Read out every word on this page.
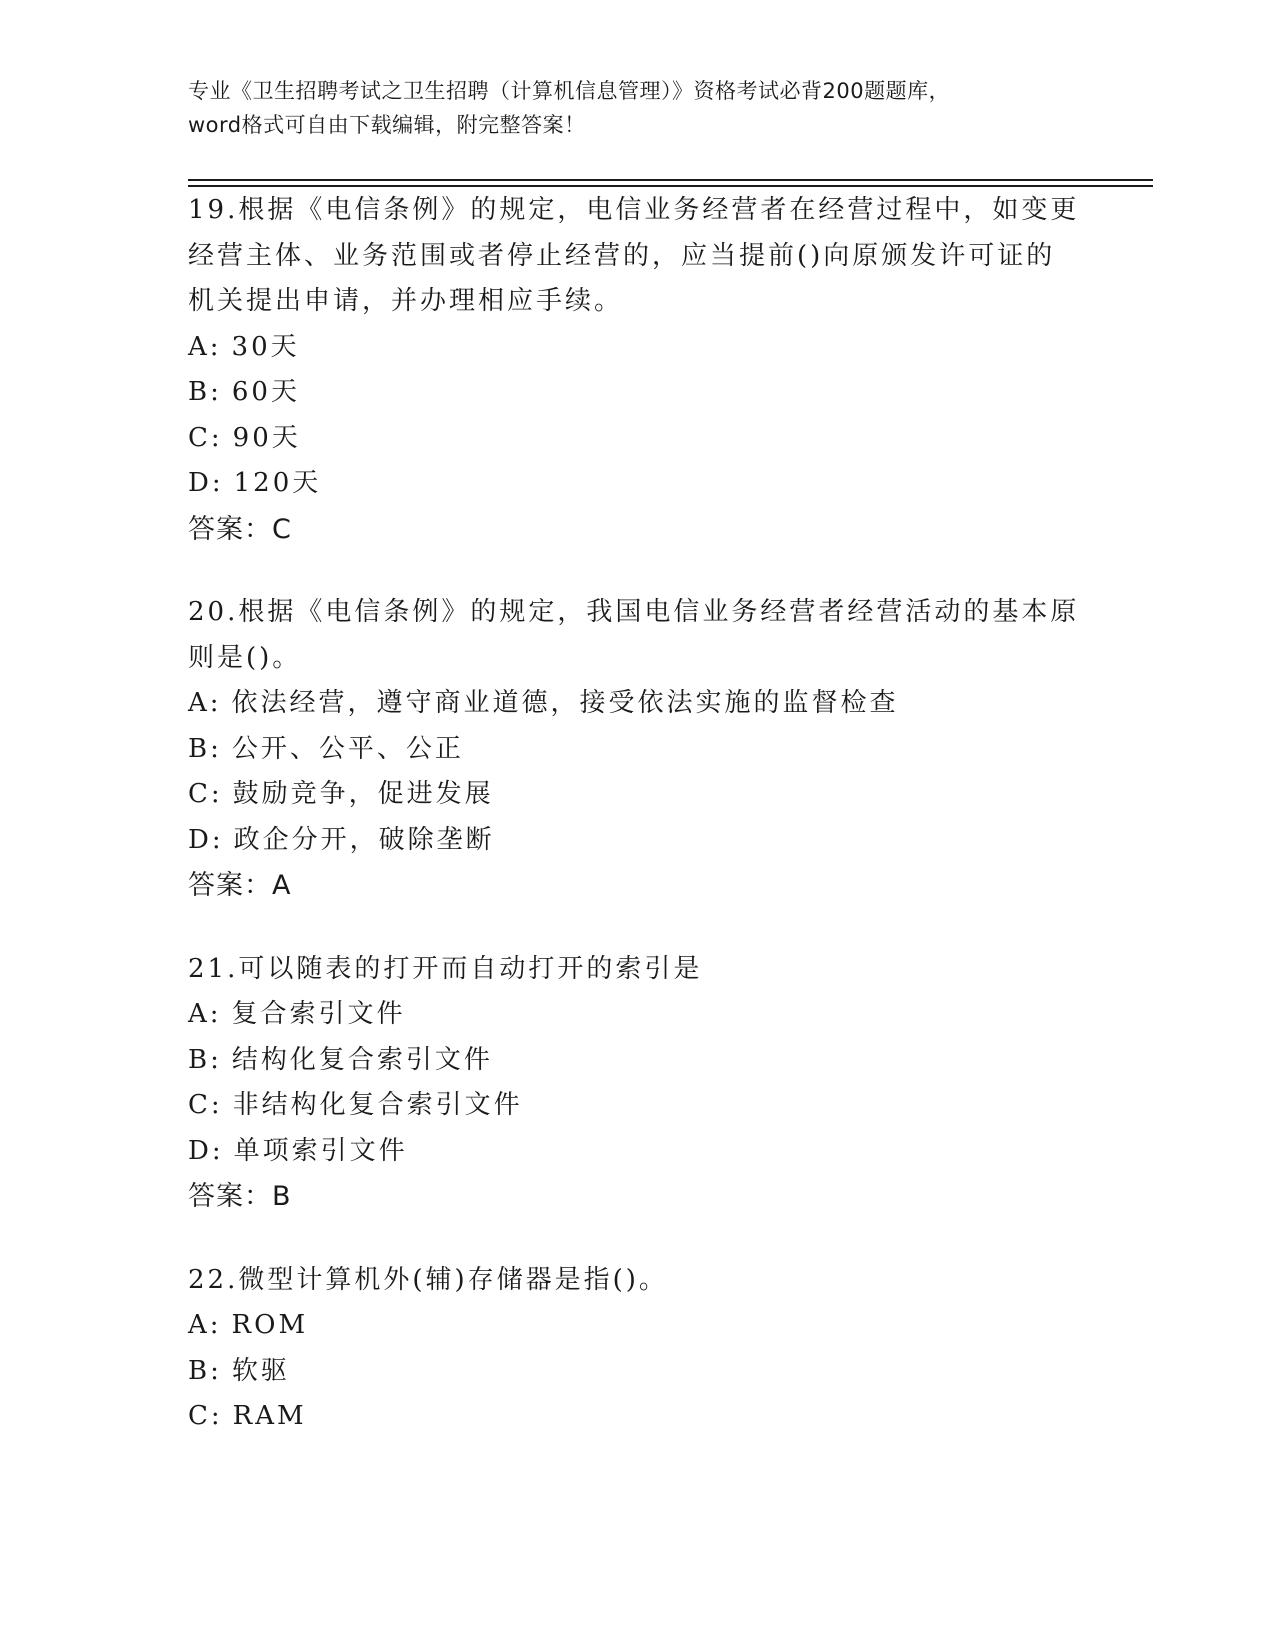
专业《卫生招聘考试之卫生招聘（计算机信息管理）》资格考试必背200题题库，
word格式可自由下载编辑，附完整答案！
19.根据《电信条例》的规定，电信业务经营者在经营过程中，如变更
经营主体、业务范围或者停止经营的，应当提前()向原颁发许可证的
机关提出申请，并办理相应手续。
A: 30天
B: 60天
C: 90天
D: 120天
答案：C
20.根据《电信条例》的规定，我国电信业务经营者经营活动的基本原
则是()。
A: 依法经营，遵守商业道德，接受依法实施的监督检查
B: 公开、公平、公正
C: 鼓励竞争，促进发展
D: 政企分开，破除垄断
答案：A
21.可以随表的打开而自动打开的索引是
A: 复合索引文件
B: 结构化复合索引文件
C: 非结构化复合索引文件
D: 单项索引文件
答案：B
22.微型计算机外(辅)存储器是指()。
A: ROM
B: 软驱
C: RAM
